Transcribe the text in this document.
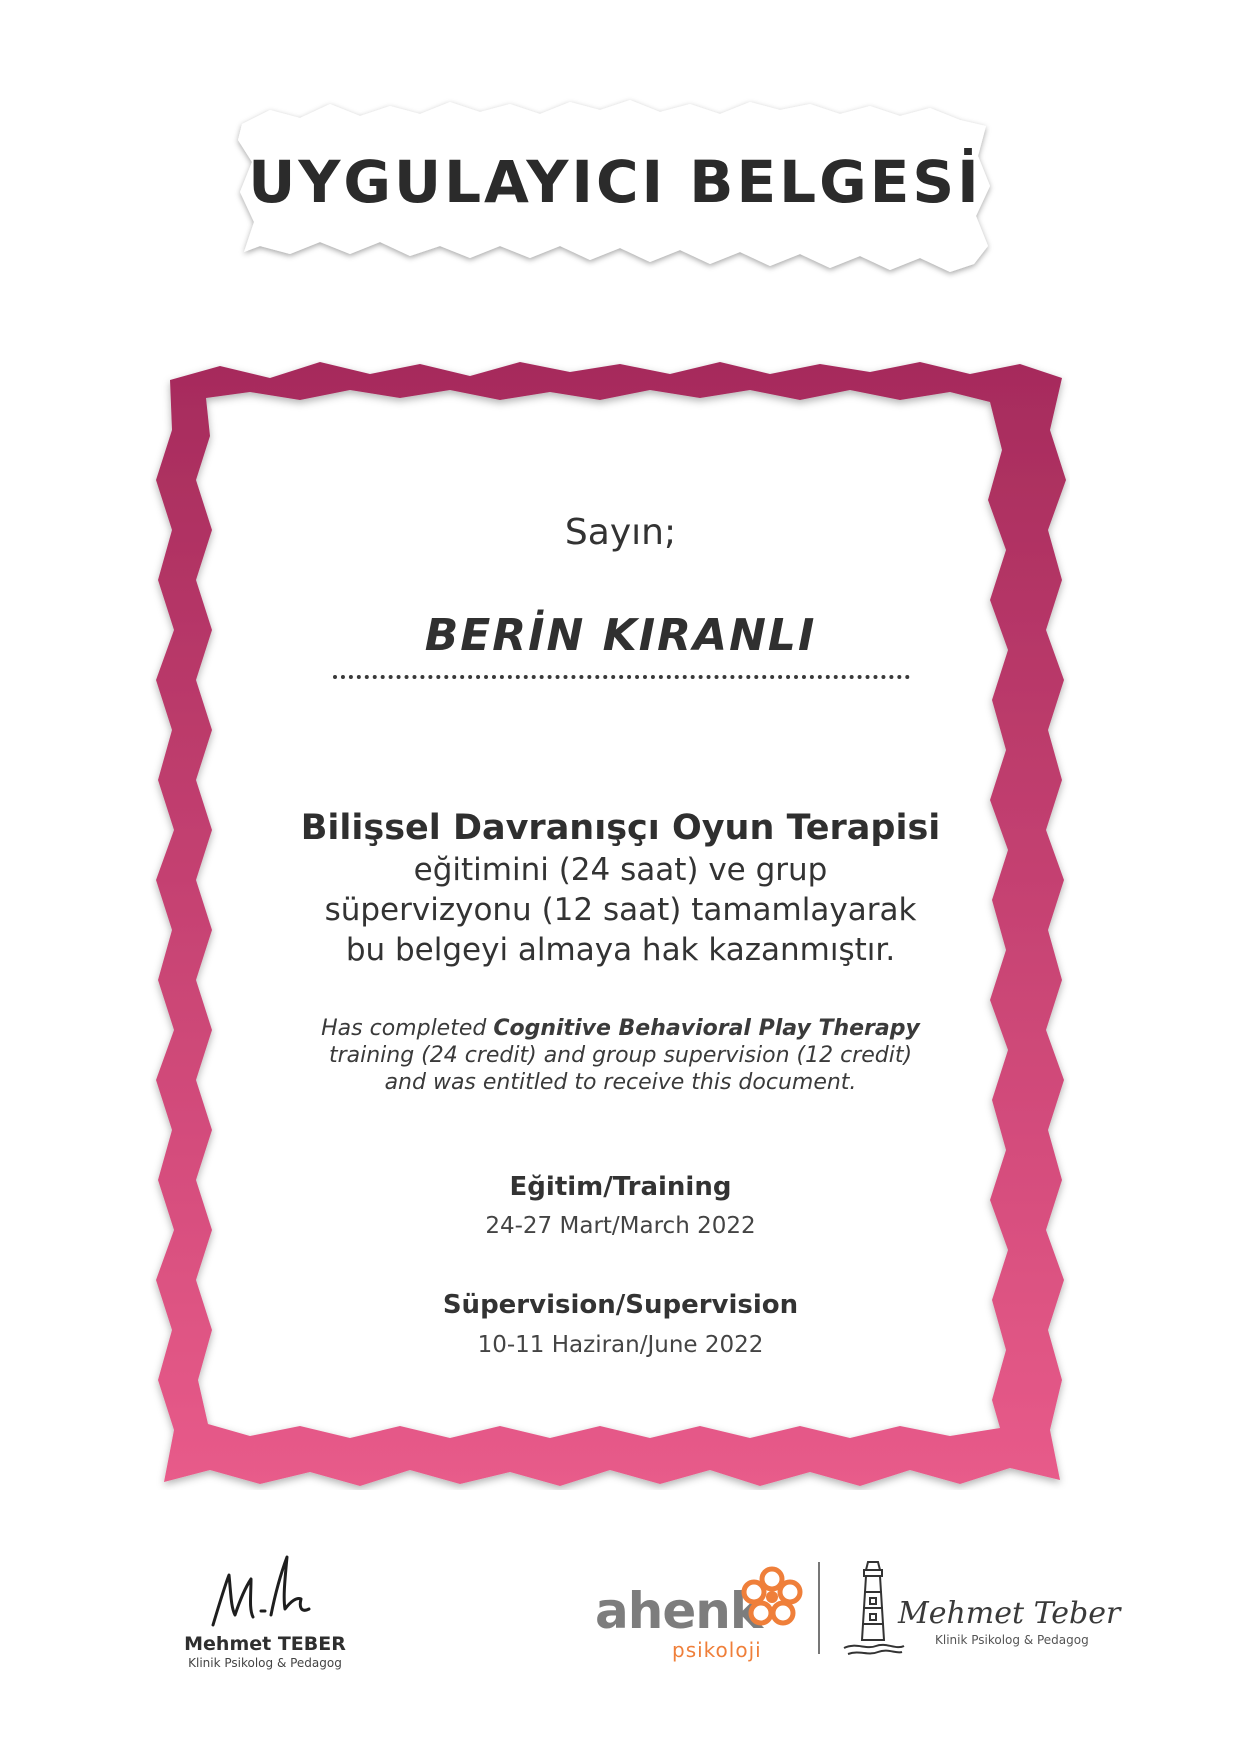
UYGULAYICI BELGESİ
Sayın;
BERİN KIRANLI
Bilişsel Davranışçı Oyun Terapisi
eğitimini (24 saat) ve grup
süpervizyonu (12 saat) tamamlayarak
bu belgeyi almaya hak kazanmıştır.
Has completed Cognitive Behavioral Play Therapy
training (24 credit) and group supervision (12 credit)
and was entitled to receive this document.
Eğitim/Training
24-27 Mart/March 2022
Süpervision/Supervision
10-11 Haziran/June 2022
Mehmet TEBER
Klinik Psikolog & Pedagog
ahenk
psikoloji
Mehmet Teber
Klinik Psikolog & Pedagog
